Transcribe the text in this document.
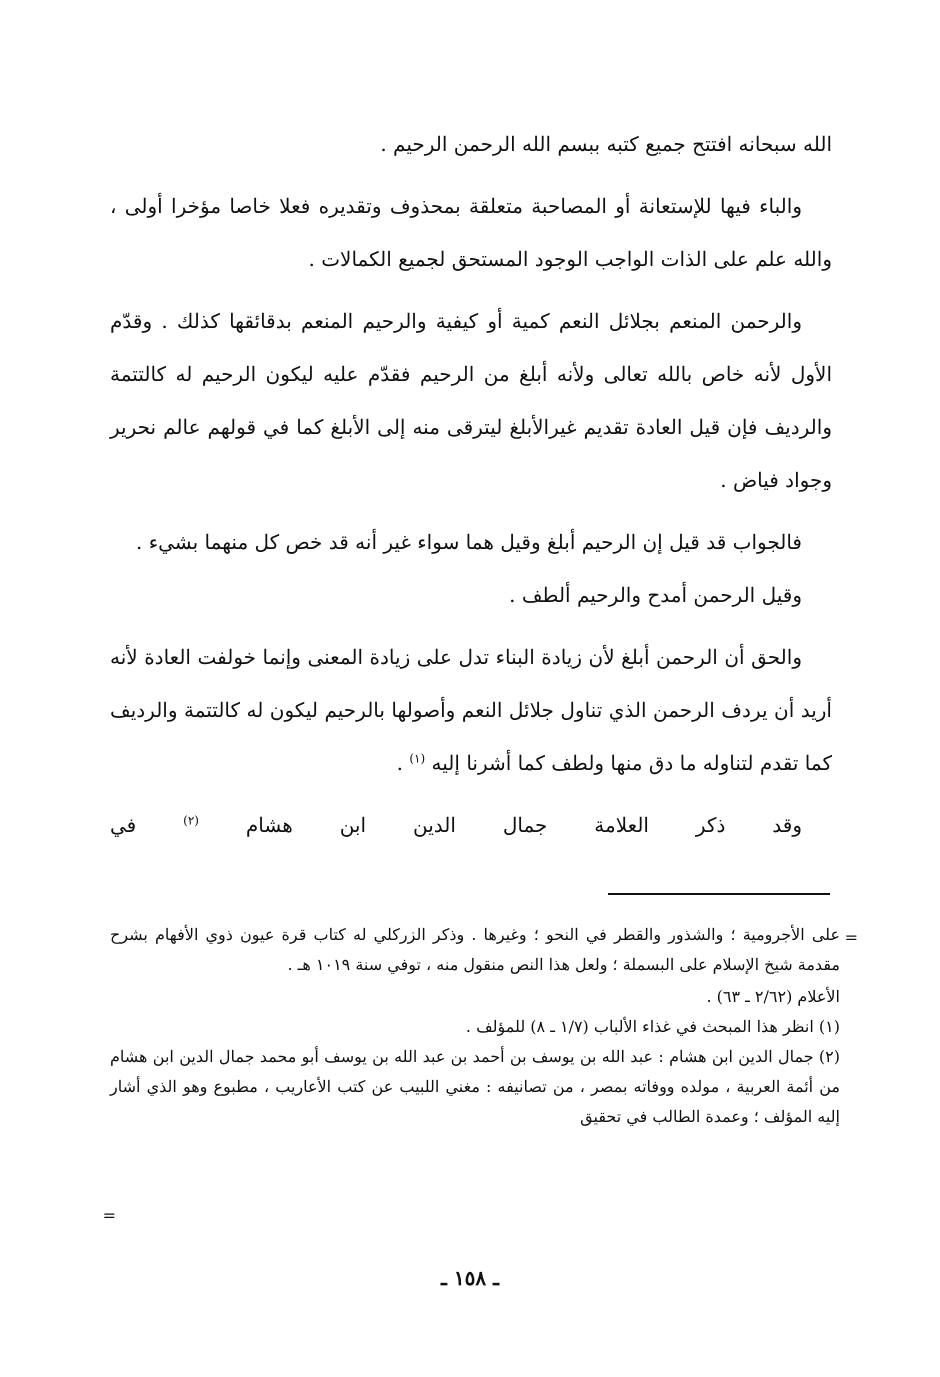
الله سبحانه افتتح جميع كتبه ببسم الله الرحمن الرحيم .

والباء فيها للإستعانة أو المصاحبة متعلقة بمحذوف وتقديره فعلا خاصا مؤخرا أولى ، والله علم على الذات الواجب الوجود المستحق لجميع الكمالات .

والرحمن المنعم بجلائل النعم كمية أو كيفية والرحيم المنعم بدقائقها كذلك . وقدّم الأول لأنه خاص بالله تعالى ولأنه أبلغ من الرحيم فقدّم عليه ليكون الرحيم له كالتتمة والرديف فإن قيل العادة تقديم غيرالأبلغ ليترقى منه إلى الأبلغ كما في قولهم عالم نحرير وجواد فياض .

فالجواب قد قيل إن الرحيم أبلغ وقيل هما سواء غير أنه قد خص كل منهما بشيء .

وقيل الرحمن أمدح والرحيم ألطف .

والحق أن الرحمن أبلغ لأن زيادة البناء تدل على زيادة المعنى وإنما خولفت العادة لأنه أريد أن يردف الرحمن الذي تناول جلائل النعم وأصولها بالرحيم ليكون له كالتتمة والرديف كما تقدم لتناوله ما دق منها ولطف كما أشرنا إليه $^{(١)}$ .

وقد ذكر العلامة جمال الدين ابن هشام $^{(٢)}$ في

=

على الأجرومية ؛ والشذور والقطر في النحو ؛ وغيرها . وذكر الزركلي له كتاب قرة عيون ذوي الأفهام بشرح مقدمة شيخ الإسلام على البسملة ؛ ولعل هذا النص منقول منه ، توفي سنة ١٠١٩ هـ .

الأعلام (٢/٦٢ ـ ٦٣) .

(١) انظر هذا المبحث في غذاء الألباب (١/٧ ـ ٨) للمؤلف .

(٢) جمال الدين ابن هشام : عبد الله بن يوسف بن أحمد بن عبد الله بن يوسف أبو محمد جمال الدين ابن هشام من أئمة العربية ، مولده ووفاته بمصر ، من تصانيفه : مغني اللبيب عن كتب الأعاريب ، مطبوع وهو الذي أشار إليه المؤلف ؛ وعمدة الطالب في تحقيق

=
ـ ١٥٨ ـ
